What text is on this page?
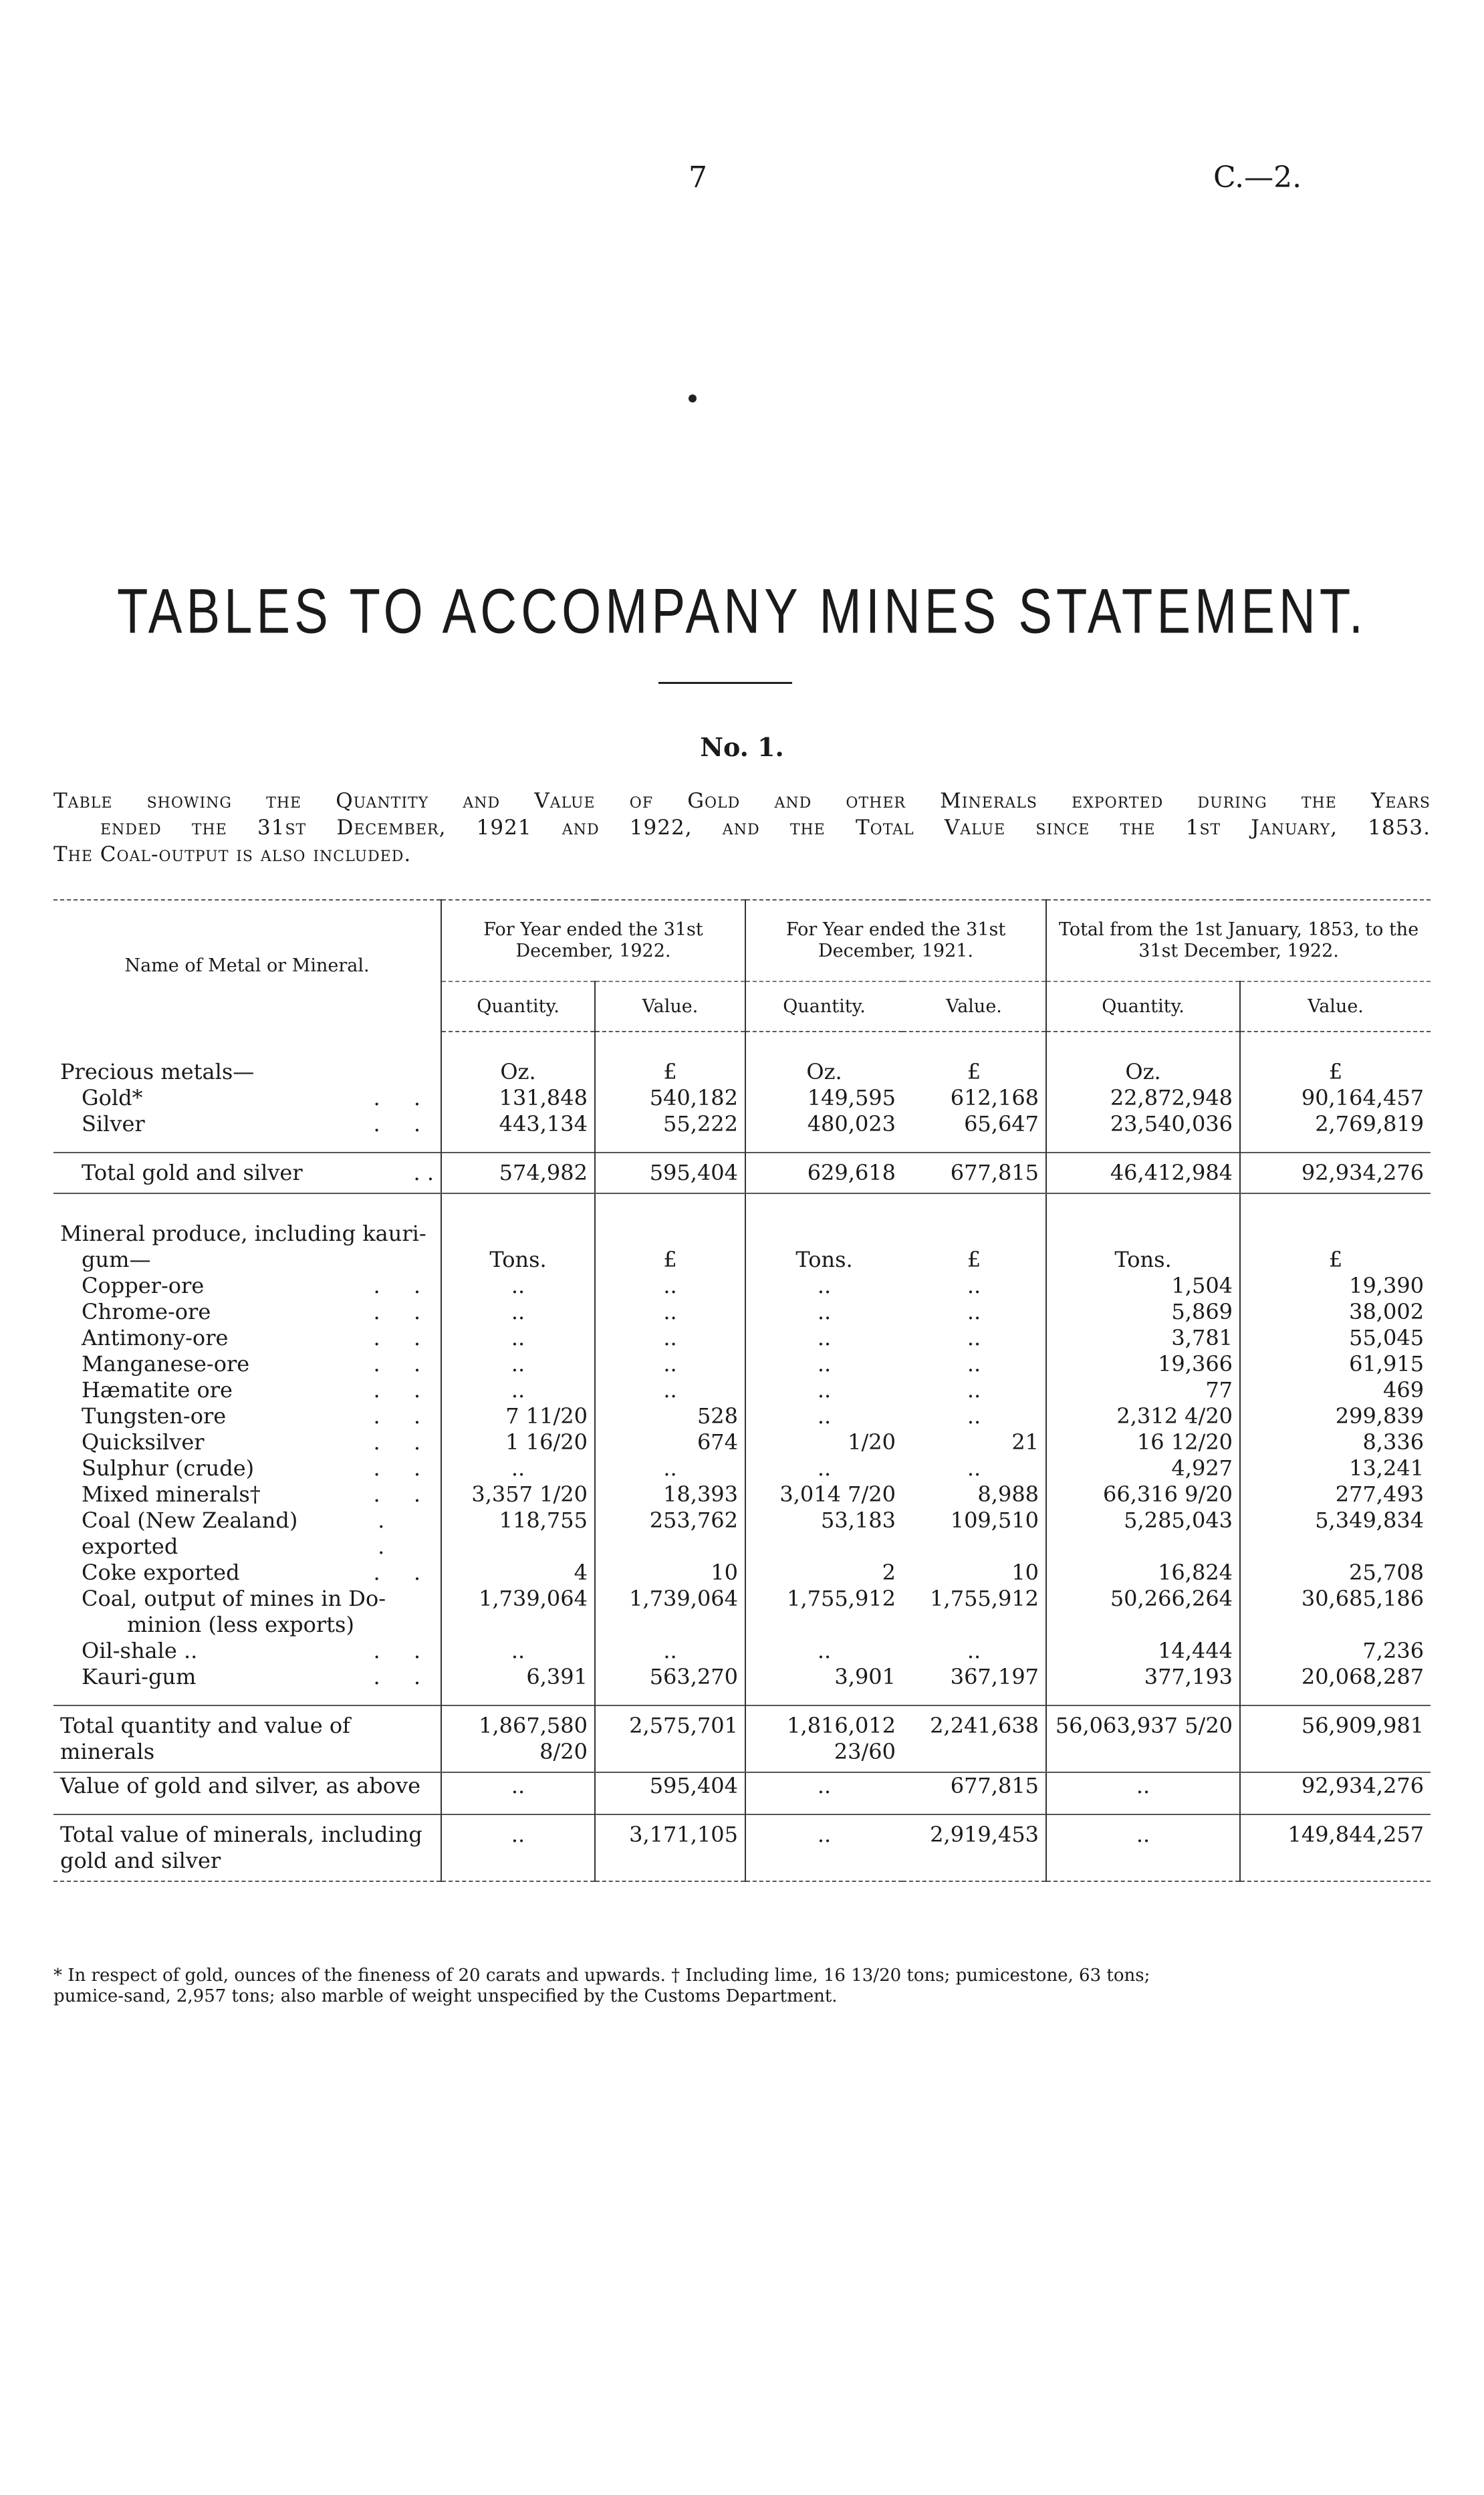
7	C.—2.
TABLES TO ACCOMPANY MINES STATEMENT.
No. 1.
Table showing the Quantity and Value of Gold and other Minerals exported during the Years
ended the 31st December, 1921 and 1922, and the Total Value since the 1st January, 1853.
The Coal-output is also included.
Name of Metal or Mineral.	For Year ended the 31st December, 1922.		For Year ended the 31st December, 1921.		Total from the 1st January, 1853, to the 31st December, 1922.	
	Quantity.	Value.	Quantity.	Value.	Quantity.	Value.

Precious metals—	Oz.	£	Oz.	£	Oz.	£

Gold* . .	131,848	540,182	149,595	612,168	22,872,948	90,164,457

Silver . .	443,134	55,222	480,023	65,647	23,540,036	2,769,819

Total gold and silver . .	574,982	595,404	629,618	677,815	46,412,984	92,934,276

Mineral produce, including kauri-						
gum—	Tons.	£	Tons.	£	Tons.	£

Copper-ore . .	..	..	..	..	1,504	19,390

Chrome-ore . .	..	..	..	..	5,869	38,002

Antimony-ore . .	..	..	..	..	3,781	55,045

Manganese-ore . .	..	..	..	..	19,366	61,915

Hæmatite ore . .	..	..	..	..	77	469

Tungsten-ore . .	7 11/20	528	..	..	2,312 4/20	299,839

Quicksilver . .	1 16/20	674	1/20	21	16 12/20	8,336

Sulphur (crude) . .	..	..	..	..	4,927	13,241

Mixed minerals† . .	3,357 1/20	18,393	3,014 7/20	8,988	66,316 9/20	277,493

Coal (New Zealand) exported
. .	118,755	253,762	53,183	109,510	5,285,043	5,349,834

Coke exported . .	4	10	2	10	16,824	25,708
Coal, output of mines in Do-	1,739,064	1,739,064	1,755,912	1,755,912	50,266,264	30,685,186
minion (less exports)						

Oil-shale .. . .	..	..	..	..	14,444	7,236

Kauri-gum . .	6,391	563,270	3,901	367,197	377,193	20,068,287

Total quantity and value of
minerals	1,867,580 8/20	2,575,701	1,816,012 23/60	2,241,638	56,063,937 5/20	56,909,981
Value of gold and silver, as above	..	595,404	..	677,815	..	92,934,276

Total value of minerals, including
gold and silver	..	3,171,105	..	2,919,453	..	149,844,257
* In respect of gold, ounces of the fineness of 20 carats and upwards. † Including lime, 16 13/20 tons; pumicestone, 63 tons;
pumice-sand, 2,957 tons; also marble of weight unspecified by the Customs Department.
